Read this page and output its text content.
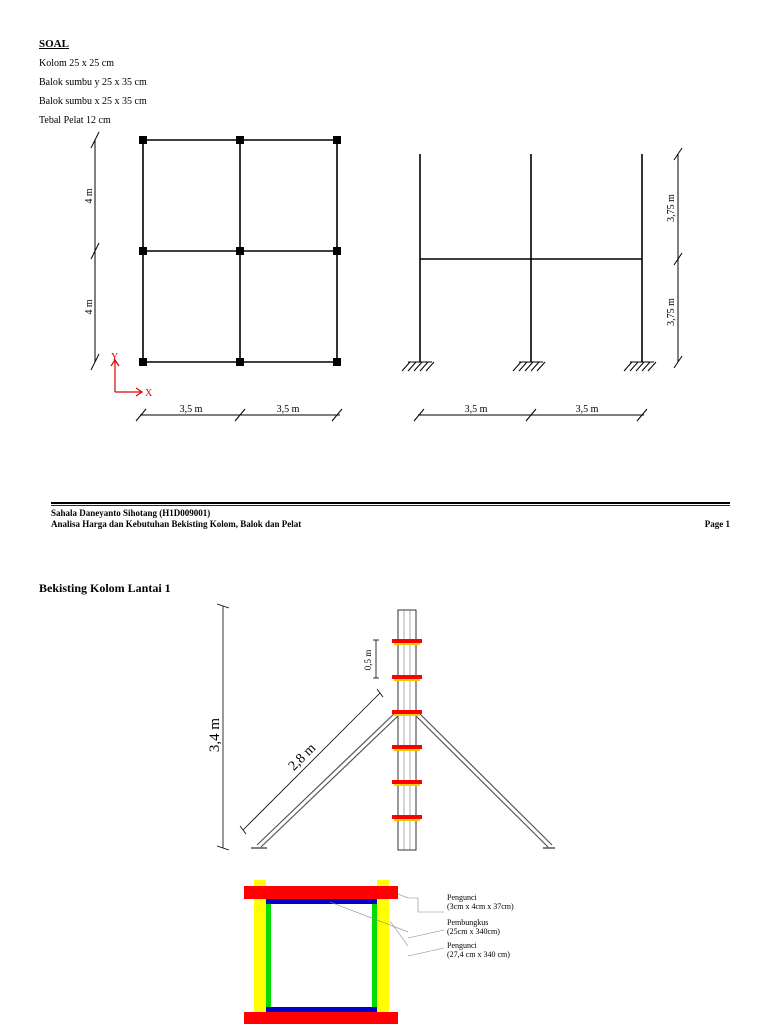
SOAL
Kolom 25 x 25 cm
Balok sumbu y 25 x 35 cm
Balok sumbu x 25 x 35 cm
Tebal Pelat 12 cm
4 m
4 m
Y
X
3,5 m	3,5 m
3,75 m
3,75 m
3,5 m	3,5 m
Sahala Daneyanto Sihotang (H1D009001)
Analisa Harga dan Kebutuhan Bekisting Kolom, Balok dan Pelat	Page 1
Bekisting Kolom Lantai 1
3,4 m
0,5 m
2,8 m
Pengunci
(3cm x 4cm x 37cm)
Pembungkus
(25cm x 340cm)
Pengunci
(27,4 cm x 340 cm)
